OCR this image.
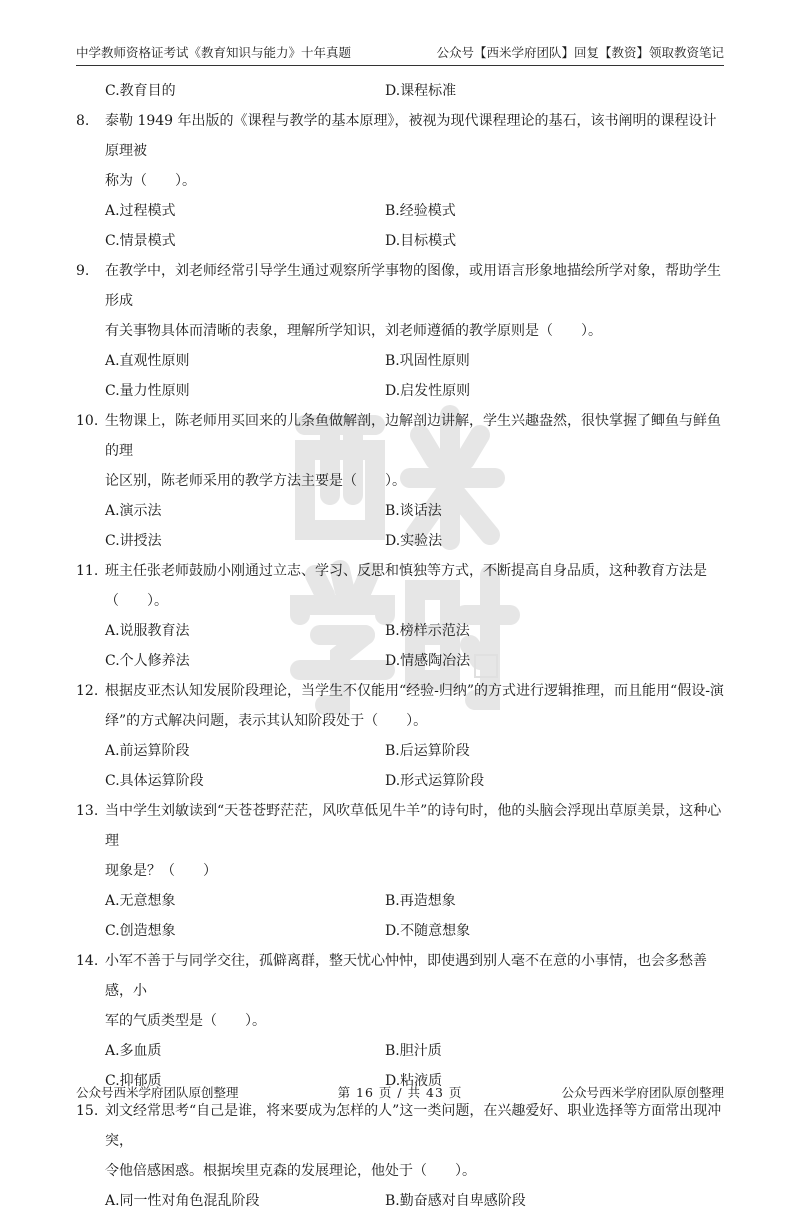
中学教师资格证考试《教育知识与能力》十年真题	公众号【西米学府团队】回复【教资】领取教资笔记
C.教育目的	D.课程标准
8.	泰勒 1949 年出版的《课程与教学的基本原理》，被视为现代课程理论的基石，该书阐明的课程设计原理被
称为（　　）。
A.过程模式	B.经验模式
C.情景模式	D.目标模式
9.	在教学中，刘老师经常引导学生通过观察所学事物的图像，或用语言形象地描绘所学对象，帮助学生形成
有关事物具体而清晰的表象，理解所学知识，刘老师遵循的教学原则是（　　）。
A.直观性原则	B.巩固性原则
C.量力性原则	D.启发性原则
10. 生物课上，陈老师用买回来的儿条鱼做解剖，边解剖边讲解，学生兴趣盎然，很快掌握了鲫鱼与鲜鱼的理
论区别，陈老师采用的教学方法主要是（　　）。
A.演示法	B.谈话法
C.讲授法	D.实验法
11. 班主任张老师鼓励小刚通过立志、学习、反思和慎独等方式，不断提高自身品质，这种教育方法是（　　）。
A.说服教育法	B.榜样示范法
C.个人修养法	D.情感陶冶法
12. 根据皮亚杰认知发展阶段理论，当学生不仅能用“经验-归纳”的方式进行逻辑推理，而且能用“假设-演
绎”的方式解决问题，表示其认知阶段处于（　　）。
A.前运算阶段	B.后运算阶段
C.具体运算阶段	D.形式运算阶段
13. 当中学生刘敏读到“天苍苍野茫茫，风吹草低见牛羊”的诗句时，他的头脑会浮现出草原美景，这种心理
现象是？（　　）
A.无意想象	B.再造想象
C.创造想象	D.不随意想象
14. 小军不善于与同学交往，孤僻离群，整天忧心忡忡，即使遇到别人毫不在意的小事情，也会多愁善感，小
军的气质类型是（　　）。
A.多血质	B.胆汁质
C.抑郁质	D.粘液质
15. 刘文经常思考“自己是谁，将来要成为怎样的人”这一类问题，在兴趣爱好、职业选择等方面常出现冲突，
令他倍感困惑。根据埃里克森的发展理论，他处于（　　）。
A.同一性对角色混乱阶段	B.勤奋感对自卑感阶段
公众号西米学府团队原创整理	第 16 页 / 共 43 页	公众号西米学府团队原创整理
